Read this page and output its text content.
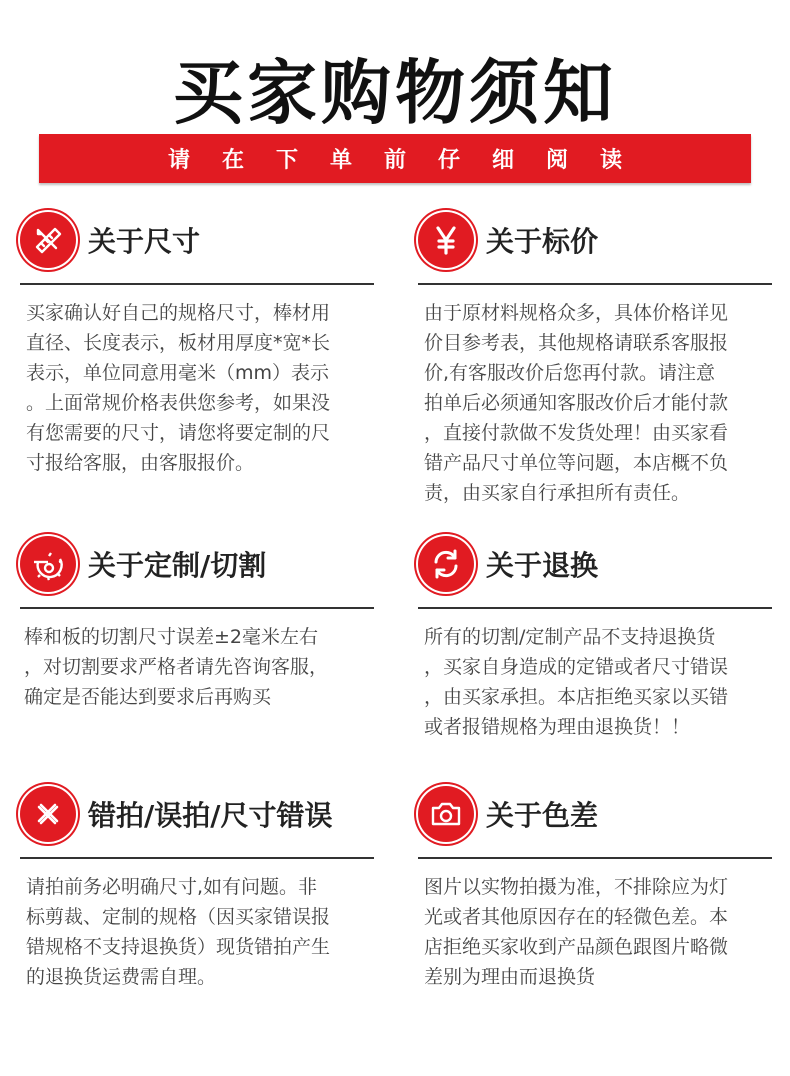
买家购物须知
请在下单前仔细阅读
关于尺寸
买家确认好自己的规格尺寸，棒材用
直径、长度表示，板材用厚度*宽*长
表示，单位同意用毫米（mm）表示
。上面常规价格表供您参考，如果没
有您需要的尺寸，请您将要定制的尺
寸报给客服，由客服报价。
关于标价
由于原材料规格众多，具体价格详见
价目参考表，其他规格请联系客服报
价,有客服改价后您再付款。请注意
拍单后必须通知客服改价后才能付款
，直接付款做不发货处理！由买家看
错产品尺寸单位等问题，本店概不负
责，由买家自行承担所有责任。
关于定制/切割
棒和板的切割尺寸误差±2毫米左右
，对切割要求严格者请先咨询客服，
确定是否能达到要求后再购买
关于退换
所有的切割/定制产品不支持退换货
，买家自身造成的定错或者尺寸错误
，由买家承担。本店拒绝买家以买错
或者报错规格为理由退换货！！
错拍/误拍/尺寸错误
请拍前务必明确尺寸,如有问题。非
标剪裁、定制的规格（因买家错误报
错规格不支持退换货）现货错拍产生
的退换货运费需自理。
关于色差
图片以实物拍摄为准，不排除应为灯
光或者其他原因存在的轻微色差。本
店拒绝买家收到产品颜色跟图片略微
差别为理由而退换货
